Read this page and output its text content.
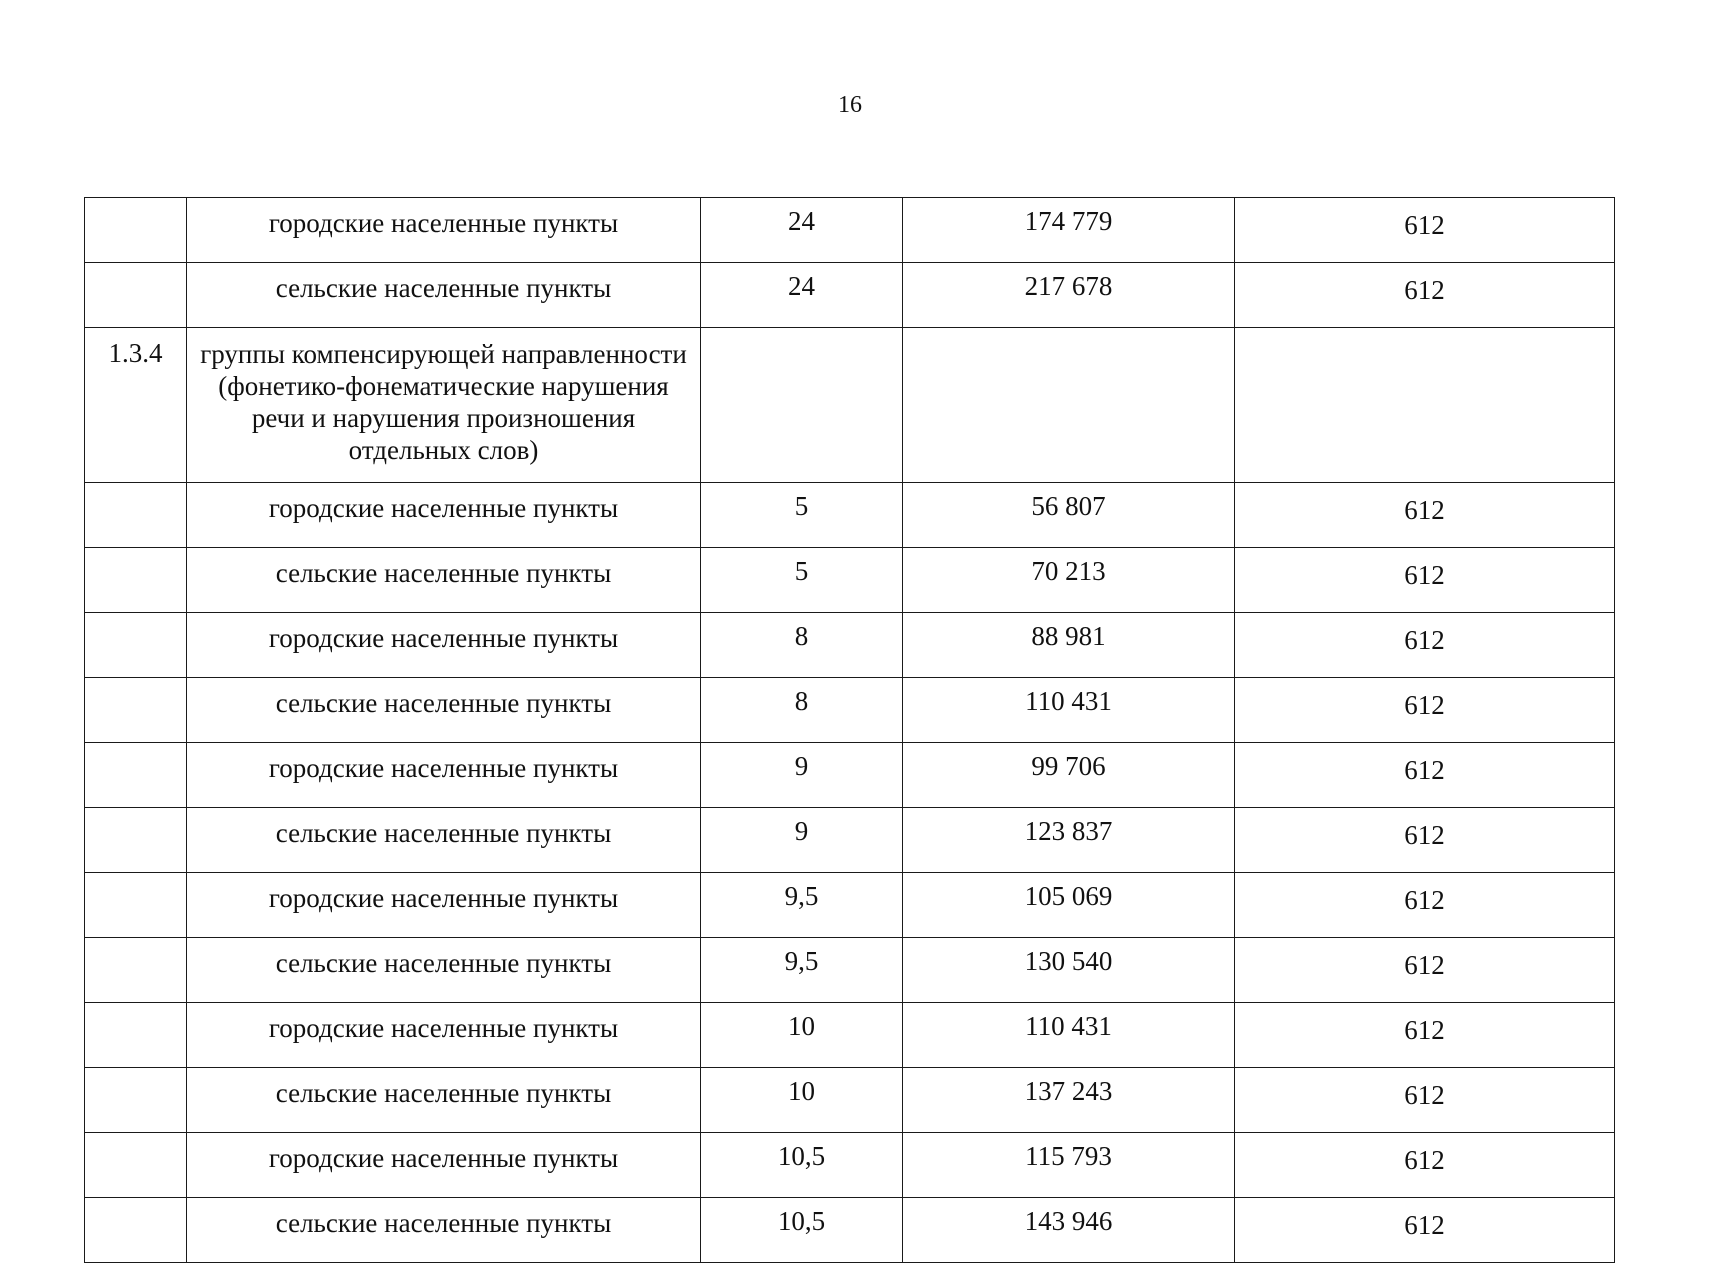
16
	городские населенные пункты	24	174 779	612
	сельские населенные пункты	24	217 678	612
1.3.4	группы компенсирующей направленности (фонетико-фонематические нарушения речи и нарушения произношения отдельных слов)			
	городские населенные пункты	5	56 807	612
	сельские населенные пункты	5	70 213	612
	городские населенные пункты	8	88 981	612
	сельские населенные пункты	8	110 431	612
	городские населенные пункты	9	99 706	612
	сельские населенные пункты	9	123 837	612
	городские населенные пункты	9,5	105 069	612
	сельские населенные пункты	9,5	130 540	612
	городские населенные пункты	10	110 431	612
	сельские населенные пункты	10	137 243	612
	городские населенные пункты	10,5	115 793	612
	сельские населенные пункты	10,5	143 946	612
